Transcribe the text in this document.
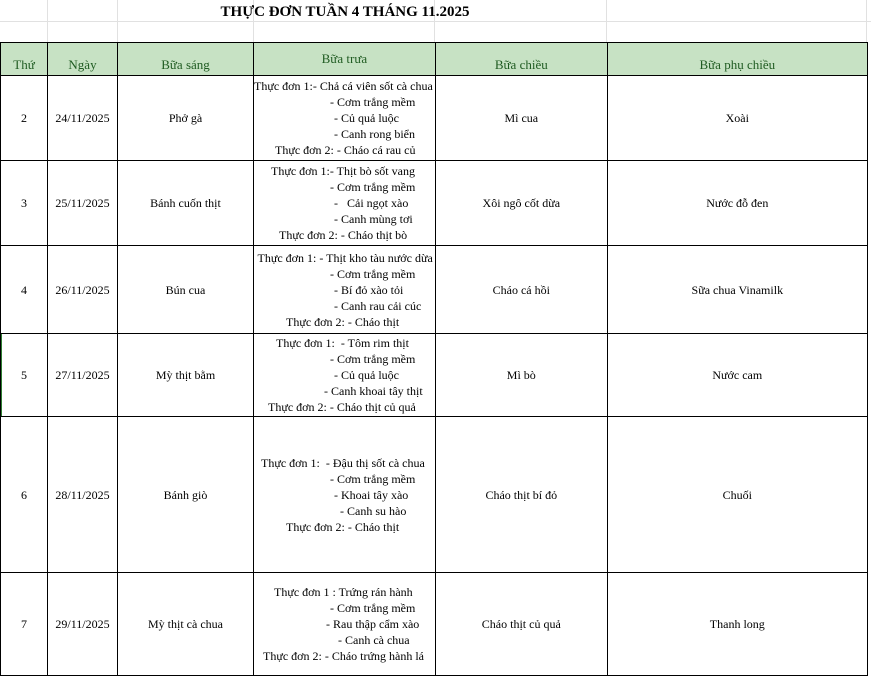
THỰC ĐƠN TUẦN 4 THÁNG 11.2025
Thứ	Ngày	Bữa sáng	Bữa trưa	Bữa chiều	Bữa phụ chiều
2	24/11/2025	Phở gà	Thực đơn 1:- Chả cá viên sốt cà chua
- Cơm trắng mềm
- Củ quả luộc
- Canh rong biển
Thực đơn 2: - Cháo cá rau củ	Mì cua	Xoài
3	25/11/2025	Bánh cuốn thịt	Thực đơn 1:- Thịt bò sốt vang
- Cơm trắng mềm
-   Cải ngọt xào
- Canh mùng tơi
Thực đơn 2: - Cháo thịt bò	Xôi ngô cốt dừa	Nước đỗ đen
4	26/11/2025	Bún cua	Thực đơn 1: - Thịt kho tàu nước dừa
- Cơm trắng mềm
- Bí đỏ xào tỏi
- Canh rau cải cúc
Thực đơn 2: - Cháo thịt	Cháo cá hồi	Sữa chua Vinamilk
5	27/11/2025	Mỳ thịt bằm	Thực đơn 1:  - Tôm rim thịt
- Cơm trắng mềm
- Củ quả luộc
- Canh khoai tây thịt
Thực đơn 2: - Cháo thịt củ quả	Mì bò	Nước cam
6	28/11/2025	Bánh giò	Thực đơn 1:  - Đậu thị sốt cà chua
- Cơm trắng mềm
- Khoai tây xào
- Canh su hào
Thực đơn 2: - Cháo thịt	Cháo thịt bí đỏ	Chuối
7	29/11/2025	Mỳ thịt cà chua	Thực đơn 1 : Trứng rán hành
- Cơm trắng mềm
- Rau thập cẩm xào
- Canh cà chua
Thực đơn 2: - Cháo trứng hành lá	Cháo thịt củ quả	Thanh long
